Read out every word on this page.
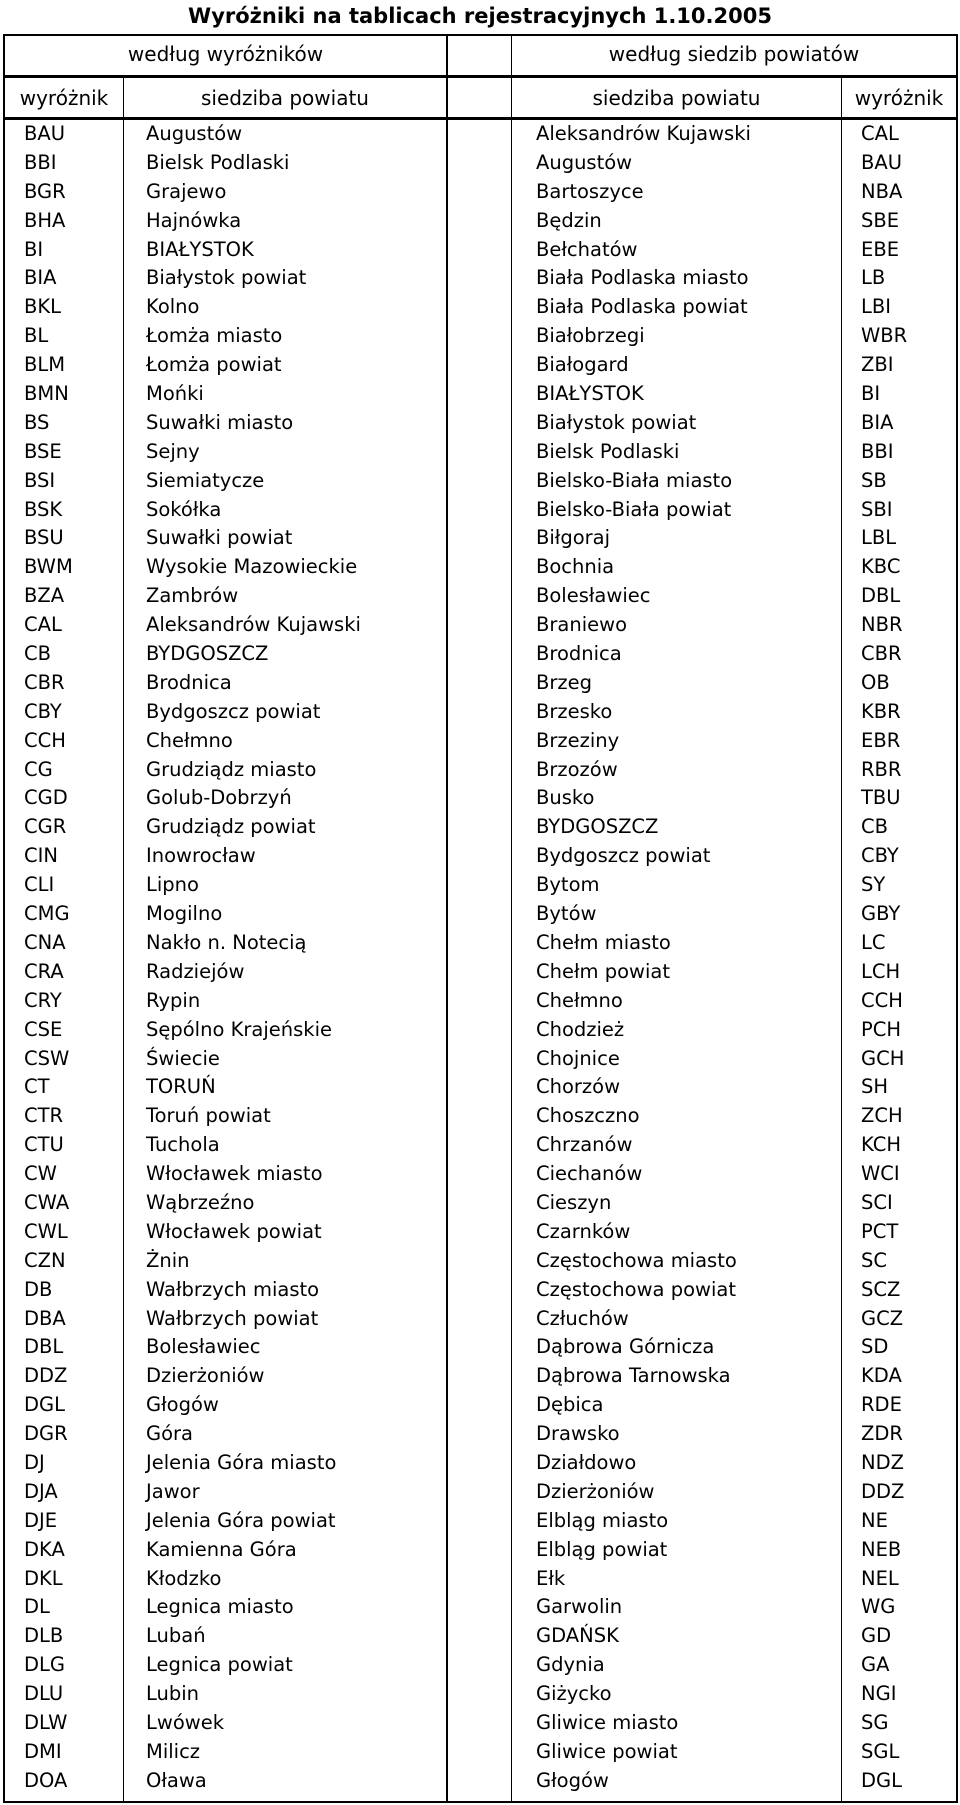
Wyróżniki na tablicach rejestracyjnych 1.10.2005
według wyróżników	według siedzib powiatów
wyróżnik	siedziba powiatu	siedziba powiatu	wyróżnik
BAU	Augustów	Aleksandrów Kujawski	CAL
BBI	Bielsk Podlaski	Augustów	BAU
BGR	Grajewo	Bartoszyce	NBA
BHA	Hajnówka	Będzin	SBE
BI	BIAŁYSTOK	Bełchatów	EBE
BIA	Białystok powiat	Biała Podlaska miasto	LB
BKL	Kolno	Biała Podlaska powiat	LBI
BL	Łomża miasto	Białobrzegi	WBR
BLM	Łomża powiat	Białogard	ZBI
BMN	Mońki	BIAŁYSTOK	BI
BS	Suwałki miasto	Białystok powiat	BIA
BSE	Sejny	Bielsk Podlaski	BBI
BSI	Siemiatycze	Bielsko-Biała miasto	SB
BSK	Sokółka	Bielsko-Biała powiat	SBI
BSU	Suwałki powiat	Biłgoraj	LBL
BWM	Wysokie Mazowieckie	Bochnia	KBC
BZA	Zambrów	Bolesławiec	DBL
CAL	Aleksandrów Kujawski	Braniewo	NBR
CB	BYDGOSZCZ	Brodnica	CBR
CBR	Brodnica	Brzeg	OB
CBY	Bydgoszcz powiat	Brzesko	KBR
CCH	Chełmno	Brzeziny	EBR
CG	Grudziądz miasto	Brzozów	RBR
CGD	Golub-Dobrzyń	Busko	TBU
CGR	Grudziądz powiat	BYDGOSZCZ	CB
CIN	Inowrocław	Bydgoszcz powiat	CBY
CLI	Lipno	Bytom	SY
CMG	Mogilno	Bytów	GBY
CNA	Nakło n. Notecią	Chełm miasto	LC
CRA	Radziejów	Chełm powiat	LCH
CRY	Rypin	Chełmno	CCH
CSE	Sępólno Krajeńskie	Chodzież	PCH
CSW	Świecie	Chojnice	GCH
CT	TORUŃ	Chorzów	SH
CTR	Toruń powiat	Choszczno	ZCH
CTU	Tuchola	Chrzanów	KCH
CW	Włocławek miasto	Ciechanów	WCI
CWA	Wąbrzeźno	Cieszyn	SCI
CWL	Włocławek powiat	Czarnków	PCT
CZN	Żnin	Częstochowa miasto	SC
DB	Wałbrzych miasto	Częstochowa powiat	SCZ
DBA	Wałbrzych powiat	Człuchów	GCZ
DBL	Bolesławiec	Dąbrowa Górnicza	SD
DDZ	Dzierżoniów	Dąbrowa Tarnowska	KDA
DGL	Głogów	Dębica	RDE
DGR	Góra	Drawsko	ZDR
DJ	Jelenia Góra miasto	Działdowo	NDZ
DJA	Jawor	Dzierżoniów	DDZ
DJE	Jelenia Góra powiat	Elbląg miasto	NE
DKA	Kamienna Góra	Elbląg powiat	NEB
DKL	Kłodzko	Ełk	NEL
DL	Legnica miasto	Garwolin	WG
DLB	Lubań	GDAŃSK	GD
DLG	Legnica powiat	Gdynia	GA
DLU	Lubin	Giżycko	NGI
DLW	Lwówek	Gliwice miasto	SG
DMI	Milicz	Gliwice powiat	SGL
DOA	Oława	Głogów	DGL
